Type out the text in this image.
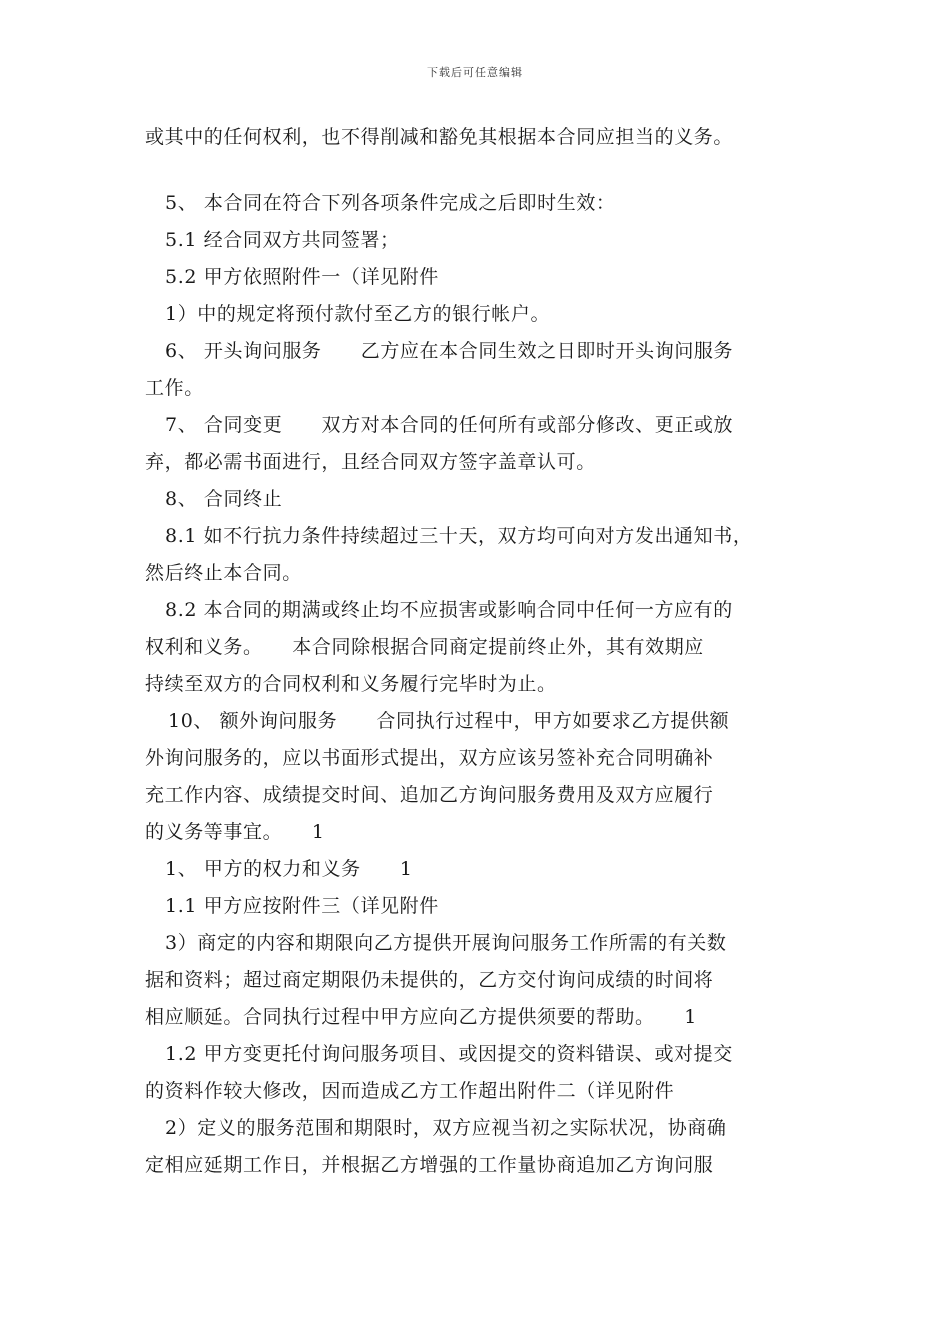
下载后可任意编辑
或其中的任何权利，也不得削减和豁免其根据本合同应担当的义务。
5、 本合同在符合下列各项条件完成之后即时生效：
5.1 经合同双方共同签署；
5.2 甲方依照附件一（详见附件
1）中的规定将预付款付至乙方的银行帐户。
6、 开头询问服务　　乙方应在本合同生效之日即时开头询问服务
工作。
7、 合同变更　　双方对本合同的任何所有或部分修改、更正或放
弃，都必需书面进行，且经合同双方签字盖章认可。
8、 合同终止
8.1 如不行抗力条件持续超过三十天，双方均可向对方发出通知书，
然后终止本合同。
8.2 本合同的期满或终止均不应损害或影响合同中任何一方应有的
权利和义务。　　本合同除根据合同商定提前终止外，其有效期应
持续至双方的合同权利和义务履行完毕时为止。
10、 额外询问服务　　合同执行过程中，甲方如要求乙方提供额
外询问服务的，应以书面形式提出，双方应该另签补充合同明确补
充工作内容、成绩提交时间、追加乙方询问服务费用及双方应履行
的义务等事宜。　　1
1、 甲方的权力和义务　　1
1.1 甲方应按附件三（详见附件
3）商定的内容和期限向乙方提供开展询问服务工作所需的有关数
据和资料；超过商定期限仍未提供的，乙方交付询问成绩的时间将
相应顺延。合同执行过程中甲方应向乙方提供须要的帮助。　　1
1.2 甲方变更托付询问服务项目、或因提交的资料错误、或对提交
的资料作较大修改，因而造成乙方工作超出附件二（详见附件
2）定义的服务范围和期限时，双方应视当初之实际状况，协商确
定相应延期工作日，并根据乙方增强的工作量协商追加乙方询问服
